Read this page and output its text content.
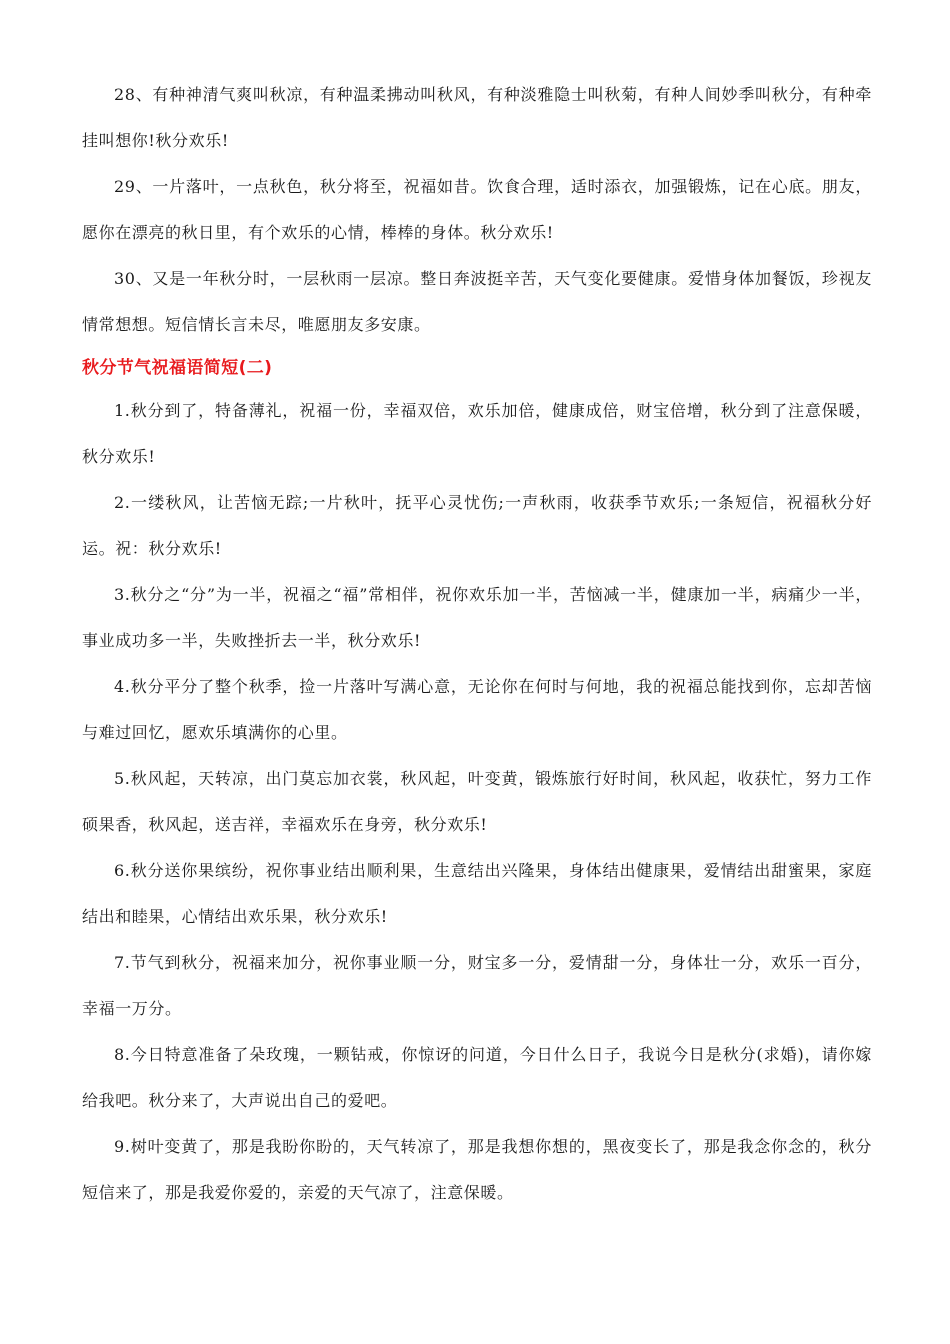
28、有种神清气爽叫秋凉，有种温柔拂动叫秋风，有种淡雅隐士叫秋菊，有种人间妙季叫秋分，有种牵挂叫想你!秋分欢乐!

29、一片落叶，一点秋色，秋分将至，祝福如昔。饮食合理，适时添衣，加强锻炼，记在心底。朋友，愿你在漂亮的秋日里，有个欢乐的心情，棒棒的身体。秋分欢乐!

30、又是一年秋分时，一层秋雨一层凉。整日奔波挺辛苦，天气变化要健康。爱惜身体加餐饭，珍视友情常想想。短信情长言未尽，唯愿朋友多安康。

秋分节气祝福语简短(二)

1.秋分到了，特备薄礼，祝福一份，幸福双倍，欢乐加倍，健康成倍，财宝倍增，秋分到了注意保暖，秋分欢乐!

2.一缕秋风，让苦恼无踪;一片秋叶，抚平心灵忧伤;一声秋雨，收获季节欢乐;一条短信，祝福秋分好运。祝：秋分欢乐!

3.秋分之“分”为一半，祝福之“福”常相伴，祝你欢乐加一半，苦恼减一半，健康加一半，病痛少一半，事业成功多一半，失败挫折去一半，秋分欢乐!

4.秋分平分了整个秋季，捡一片落叶写满心意，无论你在何时与何地，我的祝福总能找到你，忘却苦恼与难过回忆，愿欢乐填满你的心里。

5.秋风起，天转凉，出门莫忘加衣裳，秋风起，叶变黄，锻炼旅行好时间，秋风起，收获忙，努力工作硕果香，秋风起，送吉祥，幸福欢乐在身旁，秋分欢乐!

6.秋分送你果缤纷，祝你事业结出顺利果，生意结出兴隆果，身体结出健康果，爱情结出甜蜜果，家庭结出和睦果，心情结出欢乐果，秋分欢乐!

7.节气到秋分，祝福来加分，祝你事业顺一分，财宝多一分，爱情甜一分，身体壮一分，欢乐一百分，幸福一万分。

8.今日特意准备了朵玫瑰，一颗钻戒，你惊讶的问道，今日什么日子，我说今日是秋分(求婚)，请你嫁给我吧。秋分来了，大声说出自己的爱吧。

9.树叶变黄了，那是我盼你盼的，天气转凉了，那是我想你想的，黑夜变长了，那是我念你念的，秋分短信来了，那是我爱你爱的，亲爱的天气凉了，注意保暖。
